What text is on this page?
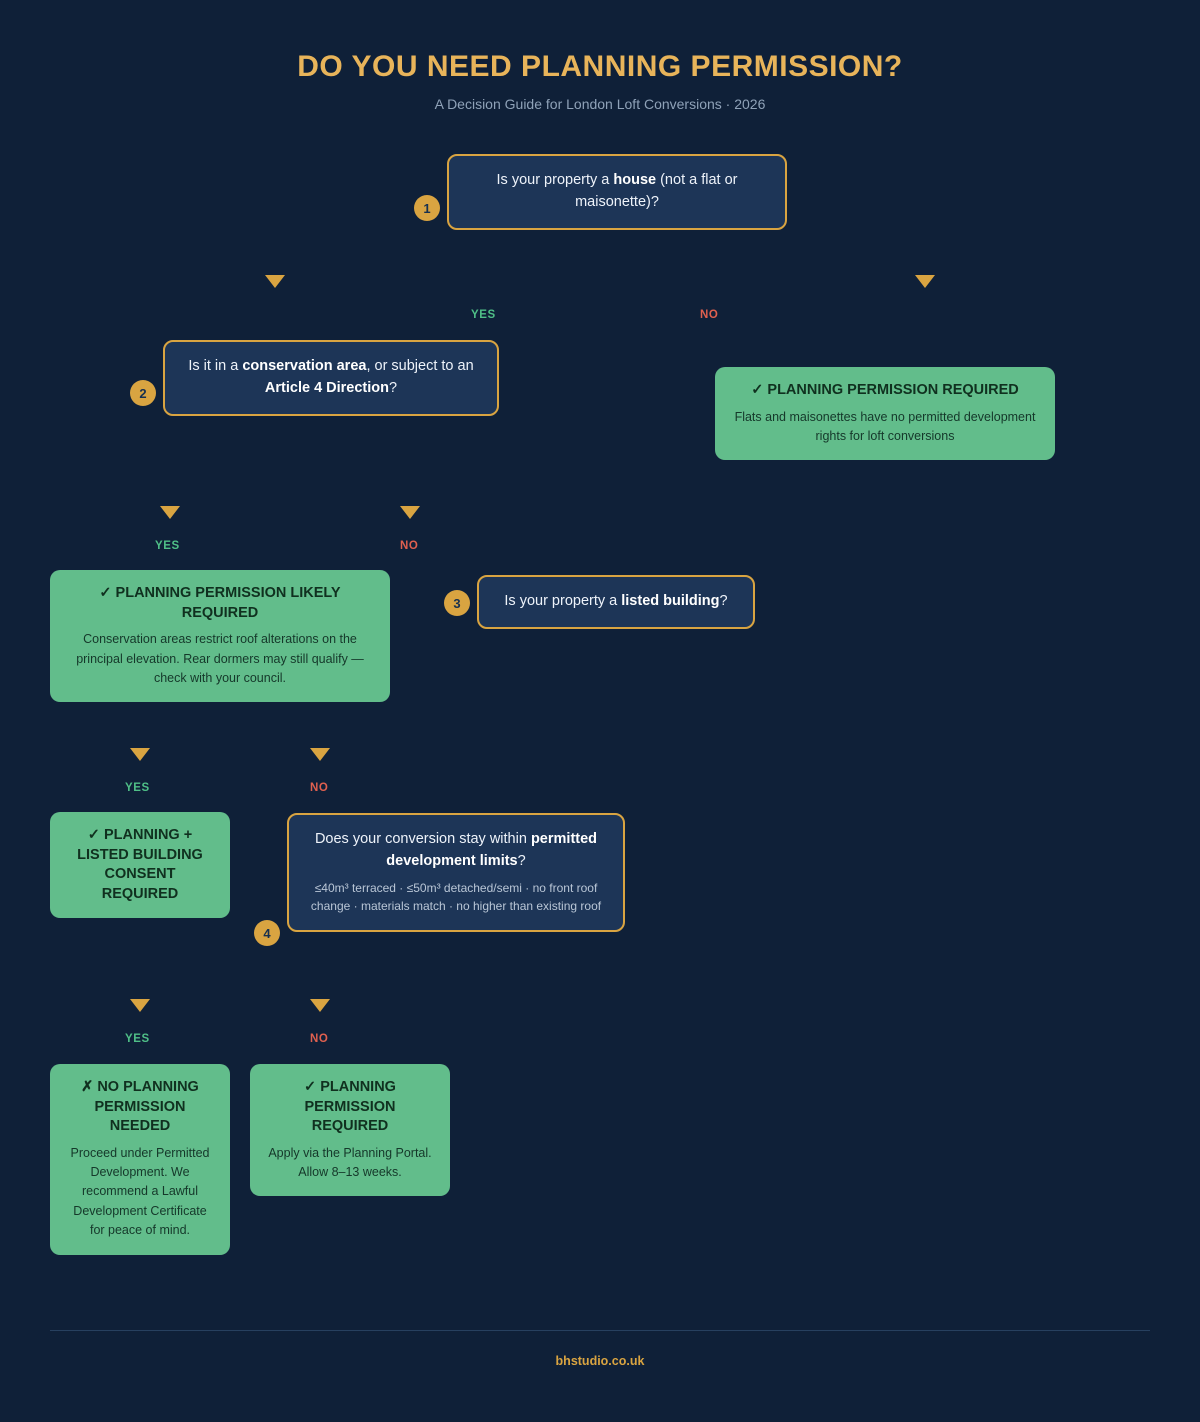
DO YOU NEED PLANNING PERMISSION?
A Decision Guide for London Loft Conversions · 2026
1
Is your property a house (not a flat or maisonette)?
YES	NO
2
Is it in a conservation area, or subject to an Article 4 Direction?	✓ PLANNING PERMISSION REQUIRED
Flats and maisonettes have no permitted development rights for loft conversions
YES	NO
✓ PLANNING PERMISSION LIKELY REQUIRED
Conservation areas restrict roof alterations on the principal elevation. Rear dormers may still qualify — check with your council.
3	Is your property a listed building?
YES	NO
✓ PLANNING + LISTED BUILDING CONSENT REQUIRED
4
Does your conversion stay within permitted development limits?
≤40m³ terraced · ≤50m³ detached/semi · no front roof change · materials match · no higher than existing roof
YES	NO
✗ NO PLANNING PERMISSION NEEDED
Proceed under Permitted Development. We recommend a Lawful Development Certificate for peace of mind.
✓ PLANNING PERMISSION REQUIRED
Apply via the Planning Portal. Allow 8–13 weeks.
bhstudio.co.uk
